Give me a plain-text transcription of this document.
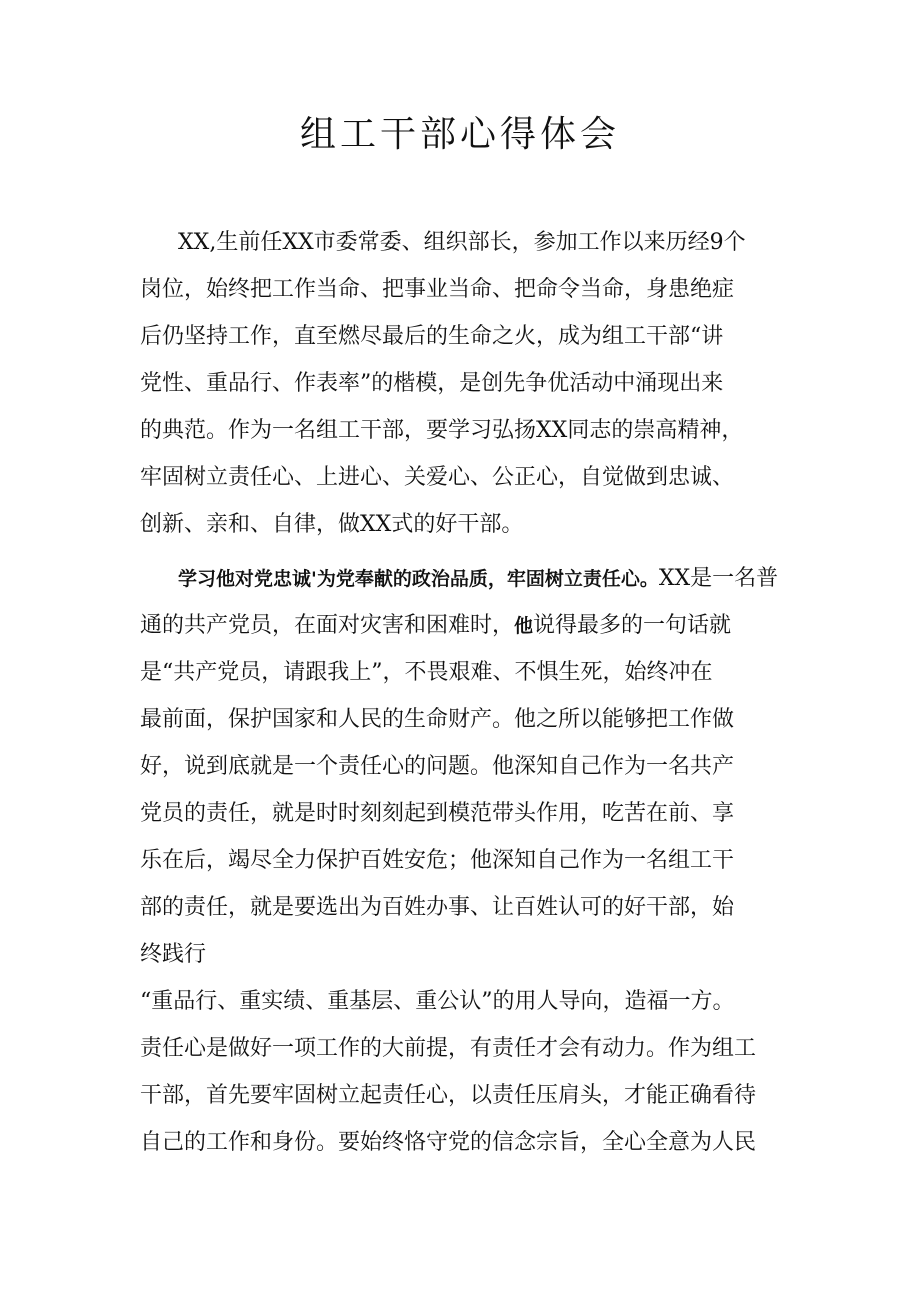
组工干部心得体会

XX,生前任XX市委常委、组织部长，参加工作以来历经9个

岗位，始终把工作当命、把事业当命、把命令当命，身患绝症

后仍坚持工作，直至燃尽最后的生命之火，成为组工干部“讲

党性、重品行、作表率”的楷模，是创先争优活动中涌现出来

的典范。作为一名组工干部，要学习弘扬XX同志的崇高精神，

牢固树立责任心、上进心、关爱心、公正心，自觉做到忠诚、

创新、亲和、自律，做XX式的好干部。

学习他对党忠诚'为党奉献的政治品质，牢固树立责任心。XX是一名普

通的共产党员，在面对灾害和困难时，他说得最多的一句话就

是“共产党员，请跟我上”，不畏艰难、不惧生死，始终冲在

最前面，保护国家和人民的生命财产。他之所以能够把工作做

好，说到底就是一个责任心的问题。他深知自己作为一名共产

党员的责任，就是时时刻刻起到模范带头作用，吃苦在前、享

乐在后，竭尽全力保护百姓安危；他深知自己作为一名组工干

部的责任，就是要选出为百姓办事、让百姓认可的好干部，始

终践行

“重品行、重实绩、重基层、重公认”的用人导向，造福一方。

责任心是做好一项工作的大前提，有责任才会有动力。作为组工

干部，首先要牢固树立起责任心，以责任压肩头，才能正确看待

自己的工作和身份。要始终恪守党的信念宗旨，全心全意为人民
